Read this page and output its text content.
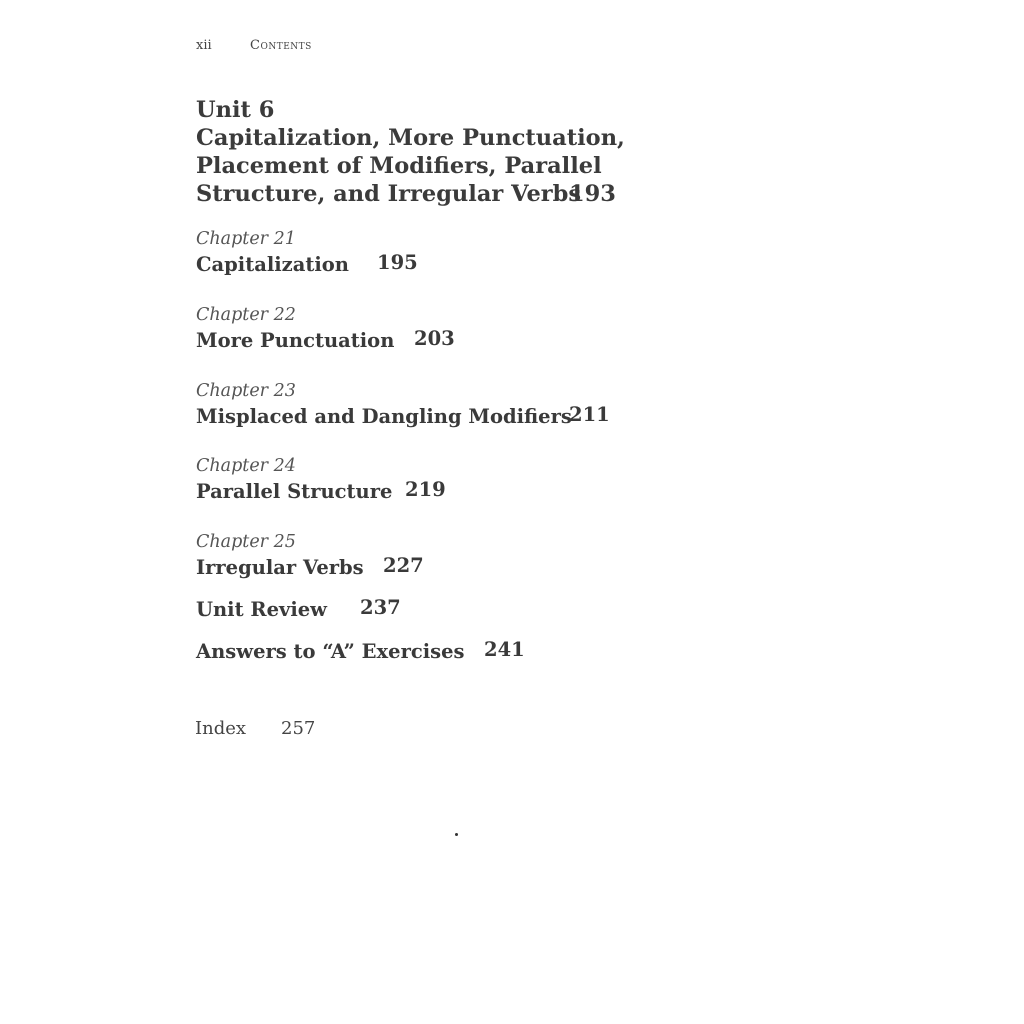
xii	Contents
Unit 6
Capitalization, More Punctuation,
Placement of Modifiers, Parallel
Structure, and Irregular Verbs
193
Chapter 21
Capitalization 195
Chapter 22
More Punctuation 203
Chapter 23
Misplaced and Dangling Modifiers
211
Chapter 24
Parallel Structure 219
Chapter 25
Irregular Verbs 227
Unit Review 237
Answers to “A” Exercises 241
Index 257
